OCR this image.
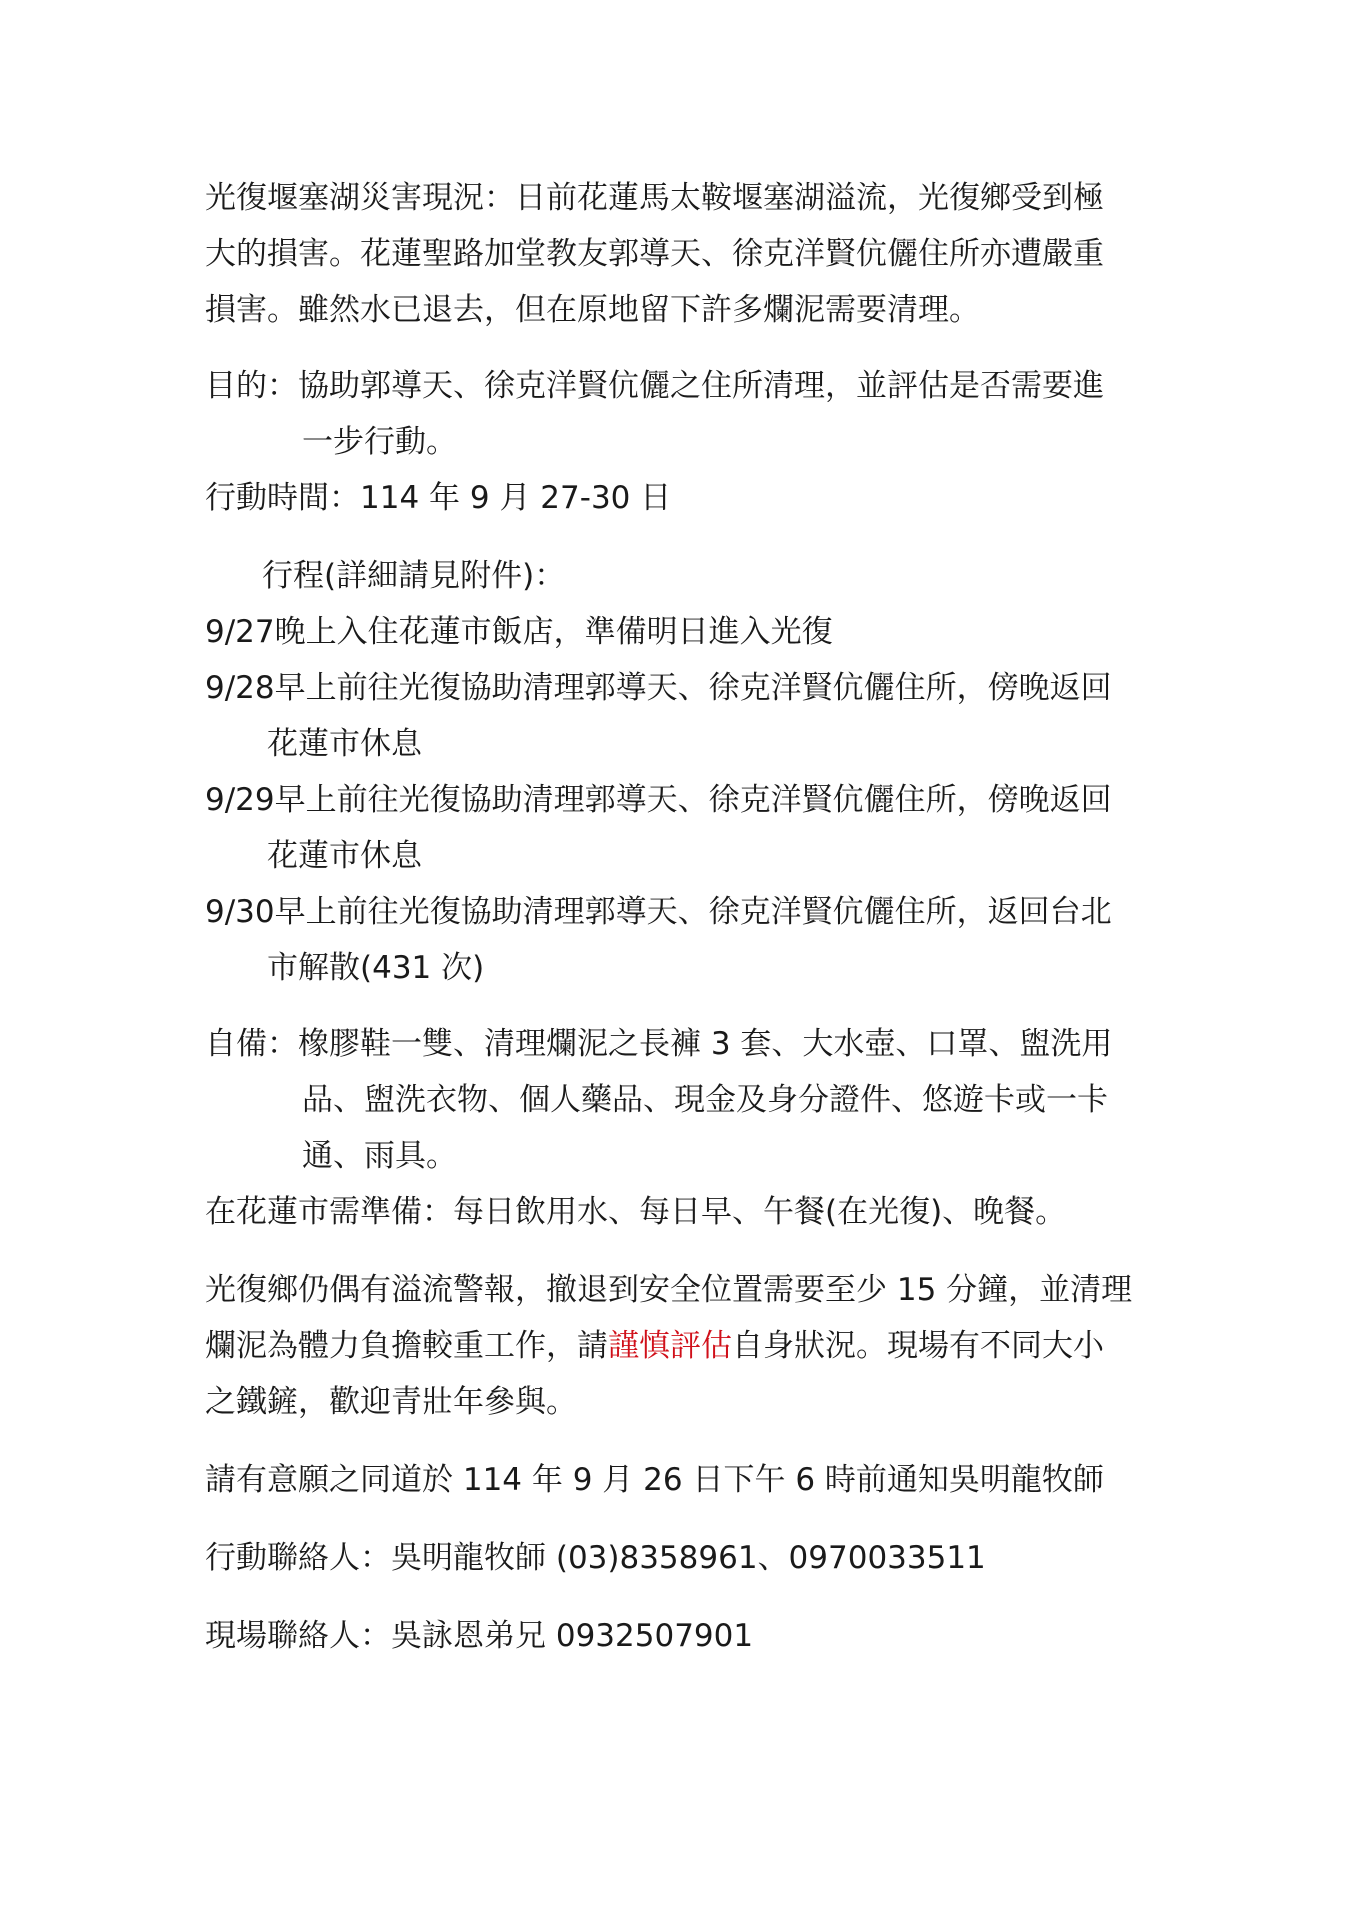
光復堰塞湖災害現況：日前花蓮馬太鞍堰塞湖溢流，光復鄉受到極

大的損害。花蓮聖路加堂教友郭導天、徐克洋賢伉儷住所亦遭嚴重

損害。雖然水已退去，但在原地留下許多爛泥需要清理。

目的：協助郭導天、徐克洋賢伉儷之住所清理，並評估是否需要進

一步行動。

行動時間：114 年 9 月 27-30 日

行程(詳細請見附件)：

9/27晚上入住花蓮市飯店，準備明日進入光復

9/28早上前往光復協助清理郭導天、徐克洋賢伉儷住所，傍晚返回

花蓮市休息

9/29早上前往光復協助清理郭導天、徐克洋賢伉儷住所，傍晚返回

花蓮市休息

9/30早上前往光復協助清理郭導天、徐克洋賢伉儷住所，返回台北

市解散(431 次)

自備：橡膠鞋一雙、清理爛泥之長褲 3 套、大水壺、口罩、盥洗用

品、盥洗衣物、個人藥品、現金及身分證件、悠遊卡或一卡

通、雨具。

在花蓮市需準備：每日飲用水、每日早、午餐(在光復)、晚餐。

光復鄉仍偶有溢流警報，撤退到安全位置需要至少 15 分鐘，並清理

爛泥為體力負擔較重工作，請謹慎評估自身狀況。現場有不同大小

之鐵鏟，歡迎青壯年參與。

請有意願之同道於 114 年 9 月 26 日下午 6 時前通知吳明龍牧師

行動聯絡人：吳明龍牧師 (03)8358961、0970033511

現場聯絡人：吳詠恩弟兄 0932507901
